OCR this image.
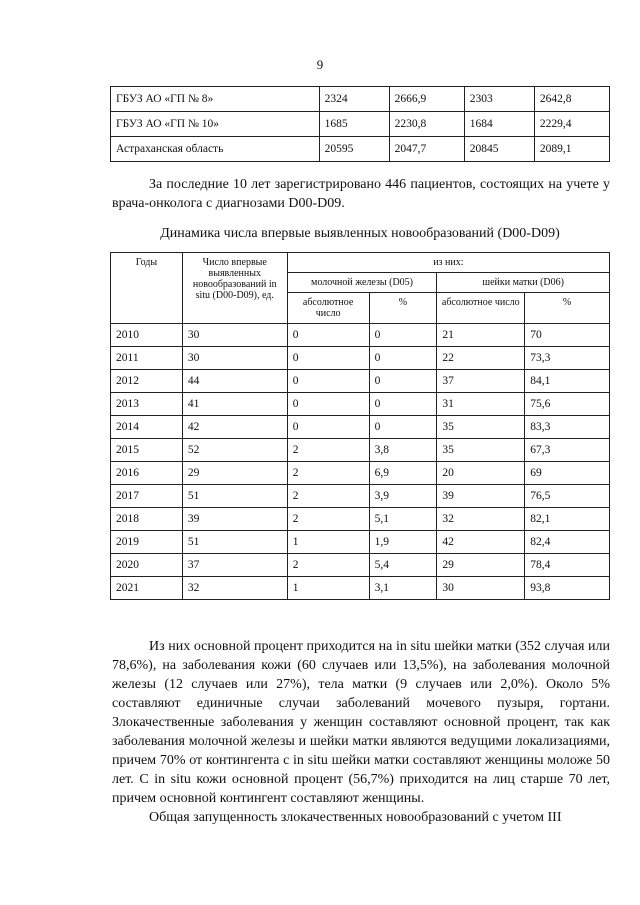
9
ГБУЗ АО «ГП № 8»	2324	2666,9	2303	2642,8
ГБУЗ АО «ГП № 10»	1685	2230,8	1684	2229,4
Астраханская область	20595	2047,7	20845	2089,1

За последние 10 лет зарегистрировано 446 пациентов, состоящих на учете у врача-онколога с диагнозами D00-D09.

Динамика числа впервые выявленных новообразований (D00-D09)
Годы	Число впервые выявленных новообразований in situ (D00-D09), ед.	из них:			
		молочной железы (D05)		шейки матки (D06)	
		абсолютное число	%	абсолютное число	%
2010	30	0	0	21	70
2011	30	0	0	22	73,3
2012	44	0	0	37	84,1
2013	41	0	0	31	75,6
2014	42	0	0	35	83,3
2015	52	2	3,8	35	67,3
2016	29	2	6,9	20	69
2017	51	2	3,9	39	76,5
2018	39	2	5,1	32	82,1
2019	51	1	1,9	42	82,4
2020	37	2	5,4	29	78,4
2021	32	1	3,1	30	93,8

Из них основной процент приходится на in situ шейки матки (352 случая или 78,6%), на заболевания кожи (60 случаев или 13,5%), на заболевания молочной железы (12 случаев или 27%), тела матки (9 случаев или 2,0%). Около 5% составляют единичные случаи заболеваний мочевого пузыря, гортани. Злокачественные заболевания у женщин составляют основной процент, так как заболевания молочной железы и шейки матки являются ведущими локализациями, причем 70% от контингента с in situ шейки матки составляют женщины моложе 50 лет. С in situ кожи основной процент (56,7%) приходится на лиц старше 70 лет, причем основной контингент составляют женщины.

Общая запущенность злокачественных новообразований с учетом III
